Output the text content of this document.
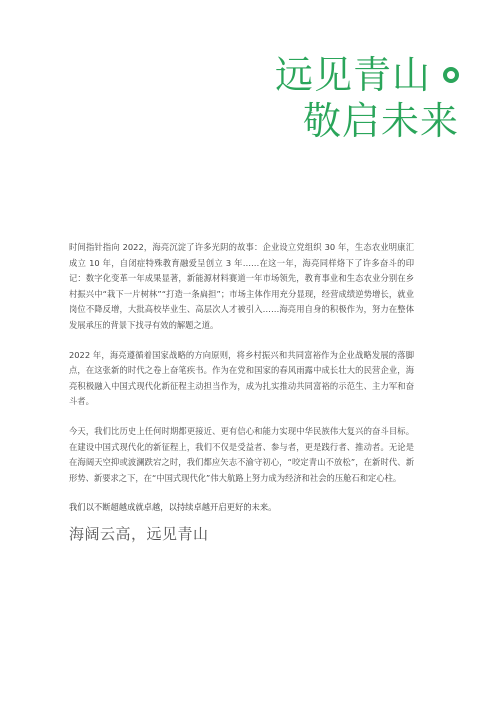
远见青山
敬启未来

时间指针指向 2022，海亮沉淀了许多光阴的故事：企业设立党组织 30 年，生态农业明康汇成立 10 年，自闭症特殊教育融爱呈创立 3 年……在这一年，海亮同样烙下了许多奋斗的印记：数字化变革一年成果显著，新能源材料赛道一年市场领先，教育事业和生态农业分别在乡村振兴中“栽下一片树林”“打造一条扁担”；市场主体作用充分显现，经营成绩逆势增长，就业岗位不降反增，大批高校毕业生、高层次人才被引入……海亮用自身的积极作为，努力在整体发展承压的背景下找寻有效的解题之道。

2022 年，海亮遵循着国家战略的方向原则，将乡村振兴和共同富裕作为企业战略发展的落脚点，在这张新的时代之卷上奋笔疾书。作为在党和国家的春风雨露中成长壮大的民营企业，海亮积极融入中国式现代化新征程主动担当作为，成为扎实推动共同富裕的示范生、主力军和奋斗者。

今天，我们比历史上任何时期都更接近、更有信心和能力实现中华民族伟大复兴的奋斗目标。在建设中国式现代化的新征程上，我们不仅是受益者、参与者，更是践行者、推动者。无论是在海阔天空抑或波澜跌宕之时，我们都应矢志不渝守初心，“咬定青山不放松”，在新时代、新形势、新要求之下，在“中国式现代化”伟大航路上努力成为经济和社会的压舱石和定心柱。

我们以不断超越成就卓越，以持续卓越开启更好的未来。

海阔云高，远见青山
